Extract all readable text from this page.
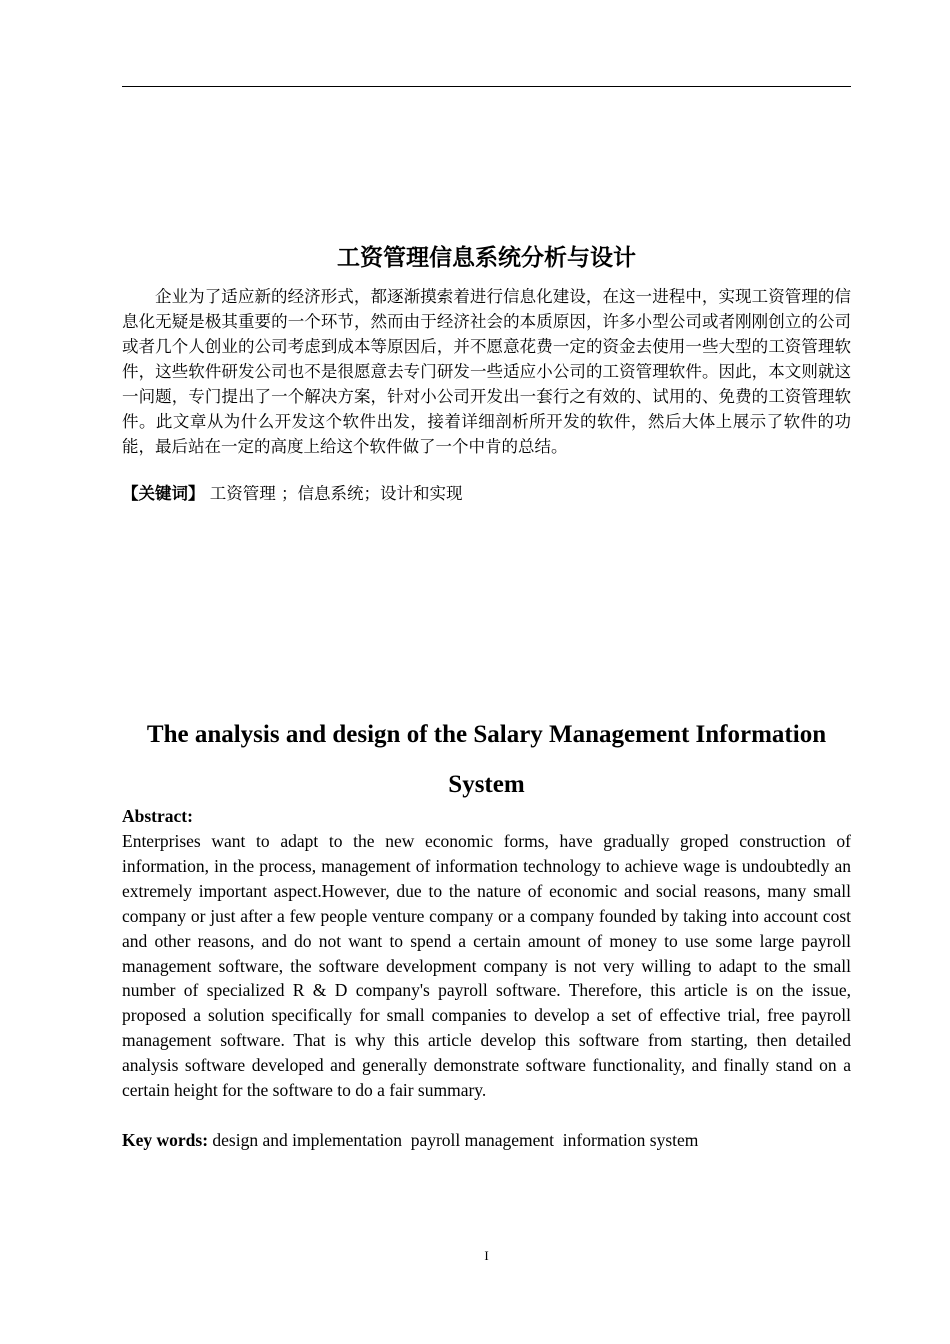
工资管理信息系统分析与设计
企业为了适应新的经济形式，都逐渐摸索着进行信息化建设，在这一进程中，实现工资管理的信息化无疑是极其重要的一个环节，然而由于经济社会的本质原因，许多小型公司或者刚刚创立的公司或者几个人创业的公司考虑到成本等原因后，并不愿意花费一定的资金去使用一些大型的工资管理软件，这些软件研发公司也不是很愿意去专门研发一些适应小公司的工资管理软件。因此，本文则就这一问题，专门提出了一个解决方案，针对小公司开发出一套行之有效的、试用的、免费的工资管理软件。此文章从为什么开发这个软件出发，接着详细剖析所开发的软件，然后大体上展示了软件的功能，最后站在一定的高度上给这个软件做了一个中肯的总结。
【关键词】 工资管理 ；信息系统；设计和实现
The analysis and design of the Salary Management Information System
Abstract:
Enterprises want to adapt to the new economic forms, have gradually groped construction of information, in the process, management of information technology to achieve wage is undoubtedly an extremely important aspect.However, due to the nature of economic and social reasons, many small company or just after a few people venture company or a company founded by taking into account cost and other reasons, and do not want to spend a certain amount of money to use some large payroll management software, the software development company is not very willing to adapt to the small number of specialized R & D company's payroll software. Therefore, this article is on the issue, proposed a solution specifically for small companies to develop a set of effective trial, free payroll management software. That is why this article develop this software from starting, then detailed analysis software developed and generally demonstrate software functionality, and finally stand on a certain height for the software to do a fair summary.
Key words: design and implementation  payroll management  information system
I
